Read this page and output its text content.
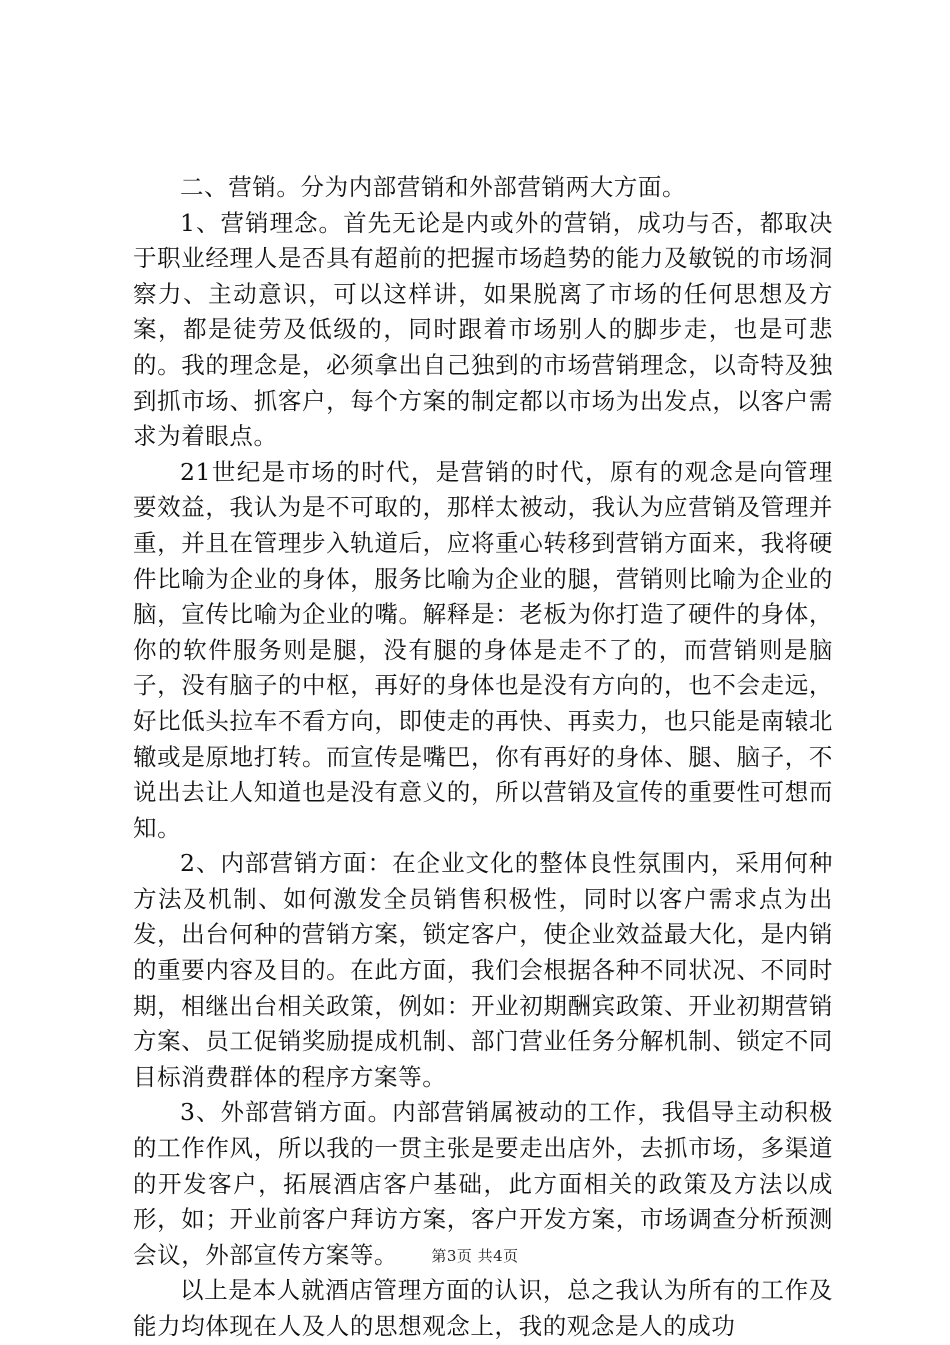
二、营销。分为内部营销和外部营销两大方面。

1、营销理念。首先无论是内或外的营销，成功与否，都取决于职业经理人是否具有超前的把握市场趋势的能力及敏锐的市场洞察力、主动意识，可以这样讲，如果脱离了市场的任何思想及方案，都是徒劳及低级的，同时跟着市场别人的脚步走，也是可悲的。我的理念是，必须拿出自己独到的市场营销理念，以奇特及独到抓市场、抓客户，每个方案的制定都以市场为出发点，以客户需求为着眼点。

21世纪是市场的时代，是营销的时代，原有的观念是向管理要效益，我认为是不可取的，那样太被动，我认为应营销及管理并重，并且在管理步入轨道后，应将重心转移到营销方面来，我将硬件比喻为企业的身体，服务比喻为企业的腿，营销则比喻为企业的脑，宣传比喻为企业的嘴。解释是：老板为你打造了硬件的身体，你的软件服务则是腿，没有腿的身体是走不了的，而营销则是脑子，没有脑子的中枢，再好的身体也是没有方向的，也不会走远，好比低头拉车不看方向，即使走的再快、再卖力，也只能是南辕北辙或是原地打转。而宣传是嘴巴，你有再好的身体、腿、脑子，不说出去让人知道也是没有意义的，所以营销及宣传的重要性可想而知。

2、内部营销方面：在企业文化的整体良性氛围内，采用何种方法及机制、如何激发全员销售积极性，同时以客户需求点为出发，出台何种的营销方案，锁定客户，使企业效益最大化，是内销的重要内容及目的。在此方面，我们会根据各种不同状况、不同时期，相继出台相关政策，例如：开业初期酬宾政策、开业初期营销方案、员工促销奖励提成机制、部门营业任务分解机制、锁定不同目标消费群体的程序方案等。

3、外部营销方面。内部营销属被动的工作，我倡导主动积极的工作作风，所以我的一贯主张是要走出店外，去抓市场，多渠道的开发客户，拓展酒店客户基础，此方面相关的政策及方法以成形，如；开业前客户拜访方案，客户开发方案，市场调查分析预测会议，外部宣传方案等。

以上是本人就酒店管理方面的认识，总之我认为所有的工作及能力均体现在人及人的思想观念上，我的观念是人的成功

第3页 共4页
